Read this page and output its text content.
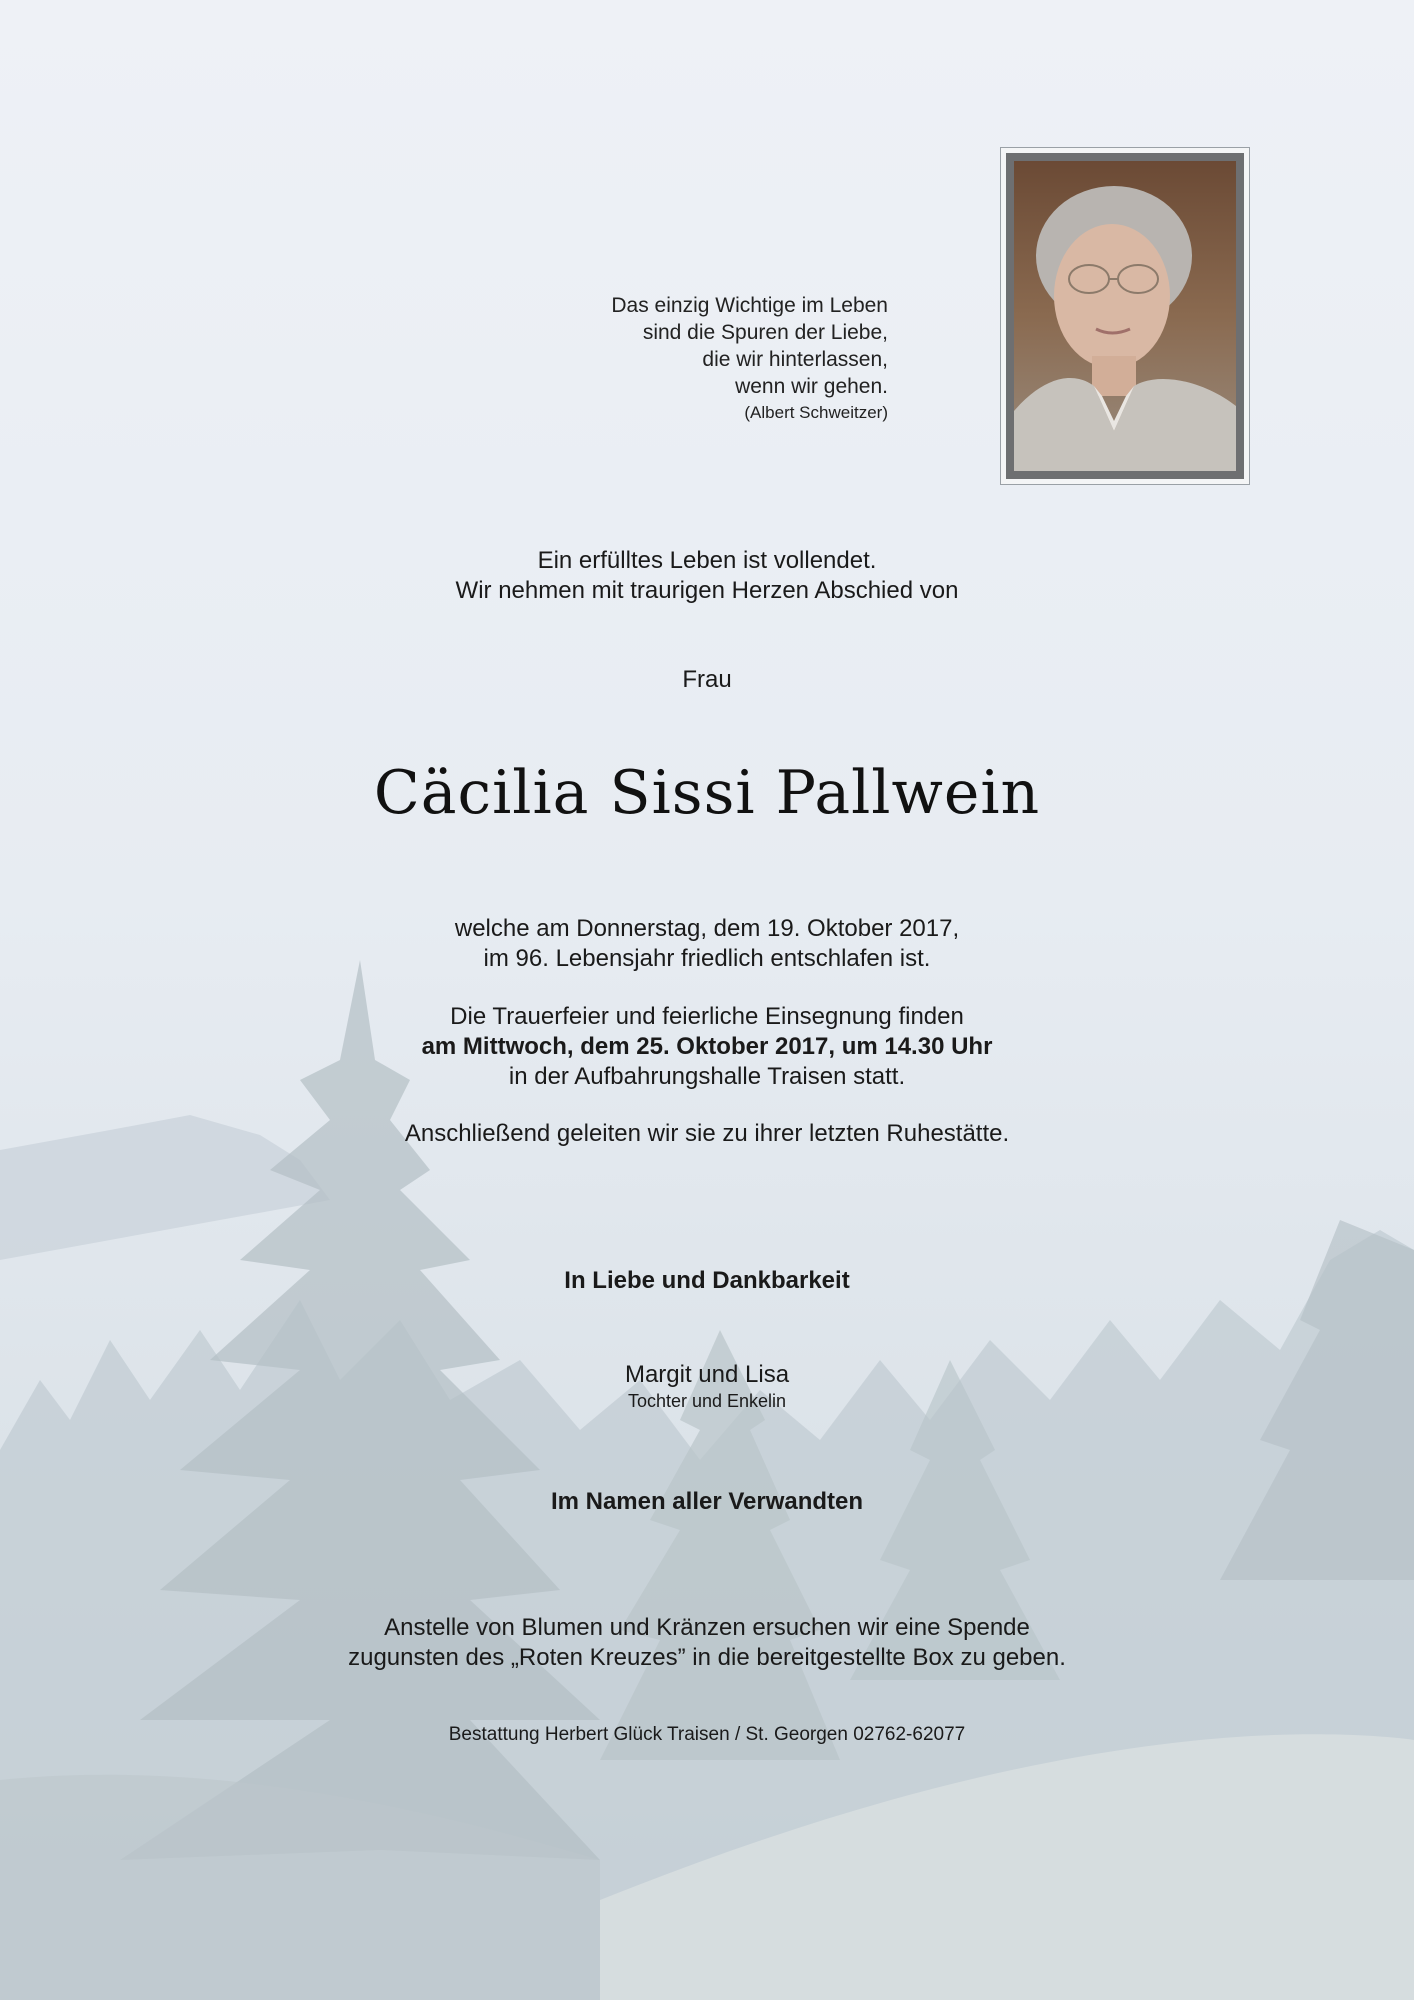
Das einzig Wichtige im Leben
sind die Spuren der Liebe,
die wir hinterlassen,
wenn wir gehen.
(Albert Schweitzer)
Ein erfülltes Leben ist vollendet.
Wir nehmen mit traurigen Herzen Abschied von
Frau
Cäcilia Sissi Pallwein
welche am Donnerstag, dem 19. Oktober 2017,
im 96. Lebensjahr friedlich entschlafen ist.
Die Trauerfeier und feierliche Einsegnung finden
am Mittwoch, dem 25. Oktober 2017, um 14.30 Uhr
in der Aufbahrungshalle Traisen statt.
Anschließend geleiten wir sie zu ihrer letzten Ruhestätte.
In Liebe und Dankbarkeit
Margit und Lisa
Tochter und Enkelin
Im Namen aller Verwandten
Anstelle von Blumen und Kränzen ersuchen wir eine Spende
zugunsten des „Roten Kreuzes” in die bereitgestellte Box zu geben.
Bestattung Herbert Glück Traisen / St. Georgen 02762-62077
